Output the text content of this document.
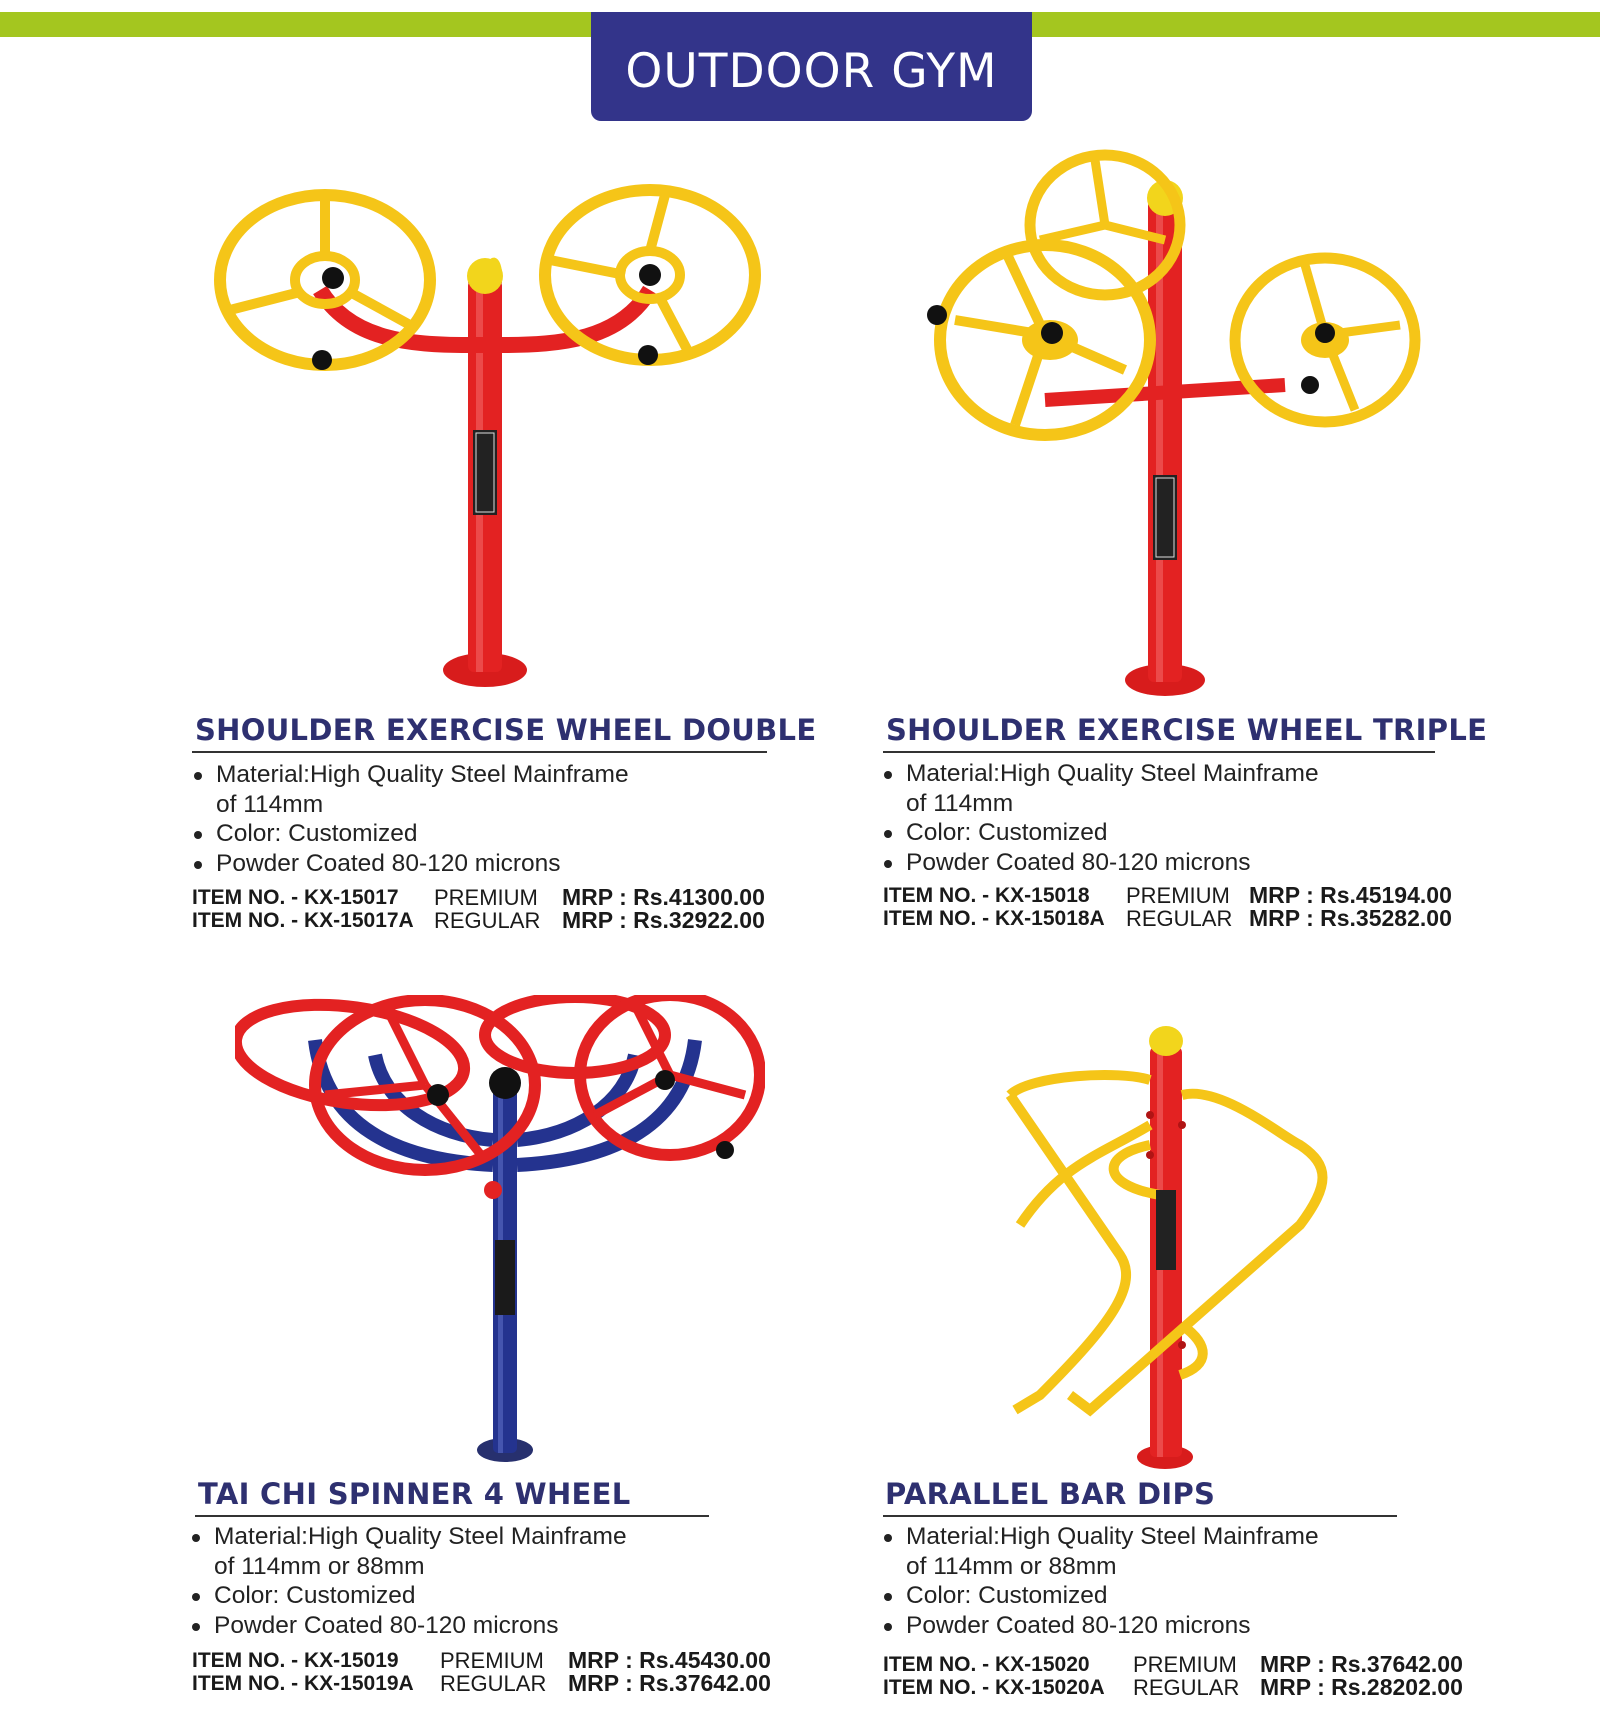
OUTDOOR GYM
SHOULDER EXERCISE WHEEL DOUBLE
Material:High Quality Steel Mainframe
of 114mm
Color: Customized
Powder Coated 80-120 microns
ITEM NO. - KX-15017 PREMIUM MRP : Rs.41300.00
ITEM NO. - KX-15017A REGULAR MRP : Rs.32922.00
SHOULDER EXERCISE WHEEL TRIPLE
Material:High Quality Steel Mainframe
of 114mm
Color: Customized
Powder Coated 80-120 microns
ITEM NO. - KX-15018 PREMIUM MRP : Rs.45194.00
ITEM NO. - KX-15018A REGULAR MRP : Rs.35282.00
TAI CHI SPINNER 4 WHEEL
Material:High Quality Steel Mainframe
of 114mm or 88mm
Color: Customized
Powder Coated 80-120 microns
ITEM NO. - KX-15019 PREMIUM MRP : Rs.45430.00
ITEM NO. - KX-15019A REGULAR MRP : Rs.37642.00
PARALLEL BAR DIPS
Material:High Quality Steel Mainframe
of 114mm or 88mm
Color: Customized
Powder Coated 80-120 microns
ITEM NO. - KX-15020 PREMIUM MRP : Rs.37642.00
ITEM NO. - KX-15020A REGULAR MRP : Rs.28202.00
